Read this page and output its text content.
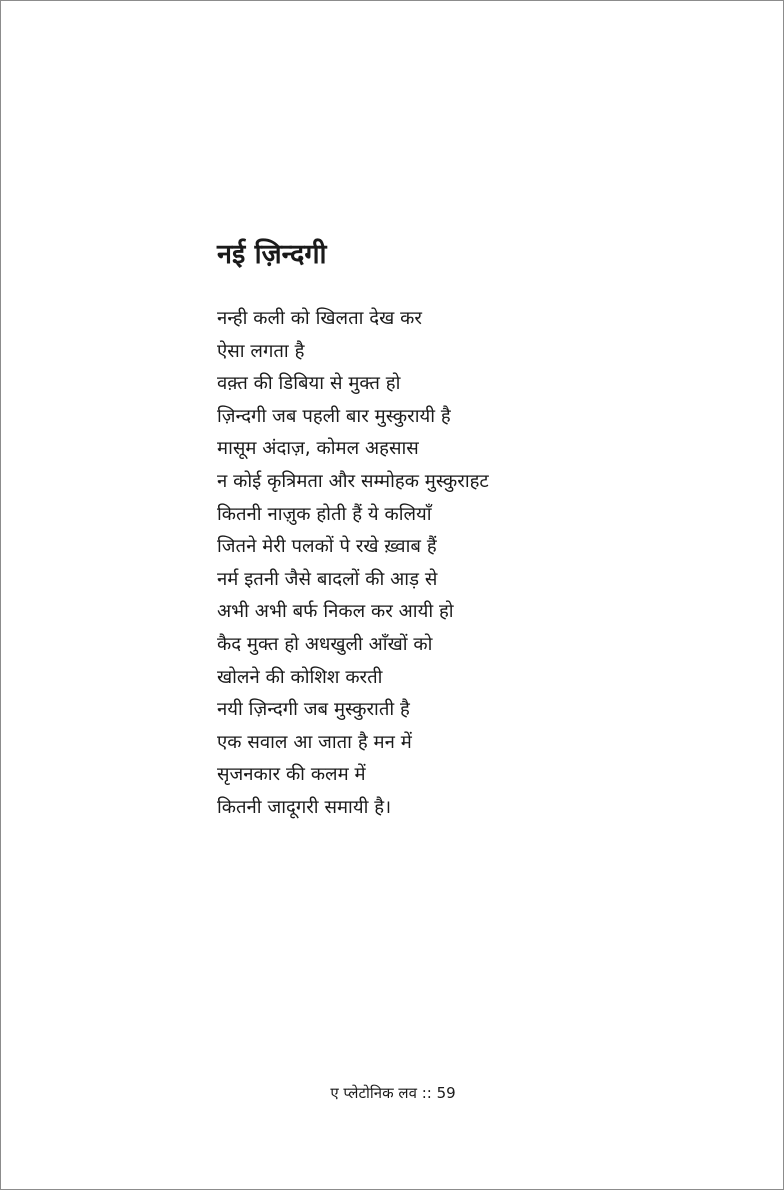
नई ज़िन्दगी
नन्ही कली को खिलता देख कर
ऐसा लगता है
वक़्त की डिबिया से मुक्त हो
ज़िन्दगी जब पहली बार मुस्कुरायी है
मासूम अंदाज़, कोमल अहसास
न कोई कृत्रिमता और सम्मोहक मुस्कुराहट
कितनी नाज़ुक होती हैं ये कलियाँ
जितने मेरी पलकों पे रखे ख़्वाब हैं
नर्म इतनी जैसे बादलों की आड़ से
अभी अभी बर्फ निकल कर आयी हो
कैद मुक्त हो अधखुली आँखों को
खोलने की कोशिश करती
नयी ज़िन्दगी जब मुस्कुराती है
एक सवाल आ जाता है मन में
सृजनकार की कलम में
कितनी जादूगरी समायी है।
ए प्लेटोनिक लव :: 59
